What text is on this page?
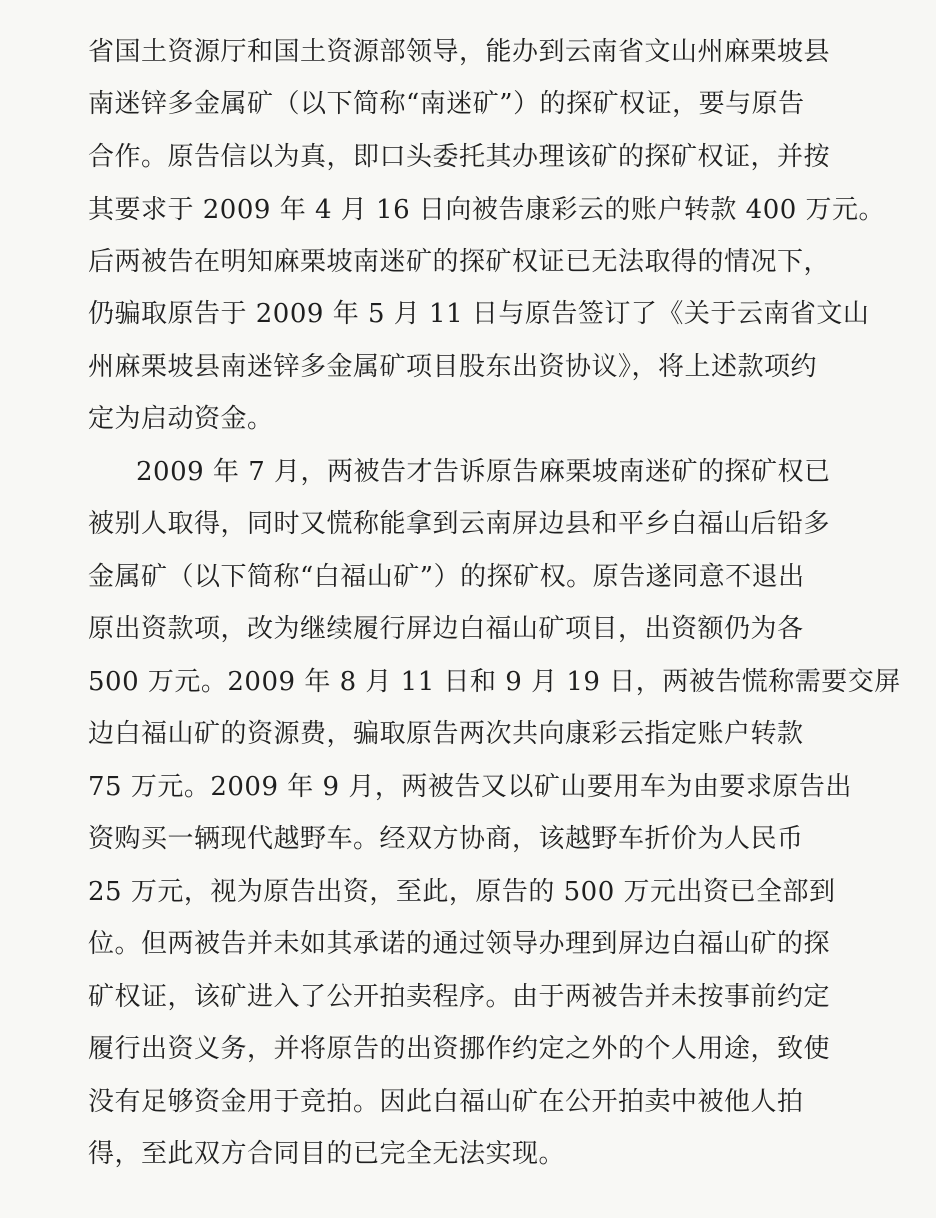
省国土资源厅和国土资源部领导，能办到云南省文山州麻栗坡县
南迷锌多金属矿（以下简称“南迷矿”）的探矿权证，要与原告
合作。原告信以为真，即口头委托其办理该矿的探矿权证，并按
其要求于 2009 年 4 月 16 日向被告康彩云的账户转款 400 万元。
后两被告在明知麻栗坡南迷矿的探矿权证已无法取得的情况下，
仍骗取原告于 2009 年 5 月 11 日与原告签订了《关于云南省文山
州麻栗坡县南迷锌多金属矿项目股东出资协议》，将上述款项约
定为启动资金。
2009 年 7 月，两被告才告诉原告麻栗坡南迷矿的探矿权已
被别人取得，同时又慌称能拿到云南屏边县和平乡白福山后铅多
金属矿（以下简称“白福山矿”）的探矿权。原告遂同意不退出
原出资款项，改为继续履行屏边白福山矿项目，出资额仍为各
500 万元。2009 年 8 月 11 日和 9 月 19 日，两被告慌称需要交屏
边白福山矿的资源费，骗取原告两次共向康彩云指定账户转款
75 万元。2009 年 9 月，两被告又以矿山要用车为由要求原告出
资购买一辆现代越野车。经双方协商，该越野车折价为人民币
25 万元，视为原告出资，至此，原告的 500 万元出资已全部到
位。但两被告并未如其承诺的通过领导办理到屏边白福山矿的探
矿权证，该矿进入了公开拍卖程序。由于两被告并未按事前约定
履行出资义务，并将原告的出资挪作约定之外的个人用途，致使
没有足够资金用于竞拍。因此白福山矿在公开拍卖中被他人拍
得，至此双方合同目的已完全无法实现。
